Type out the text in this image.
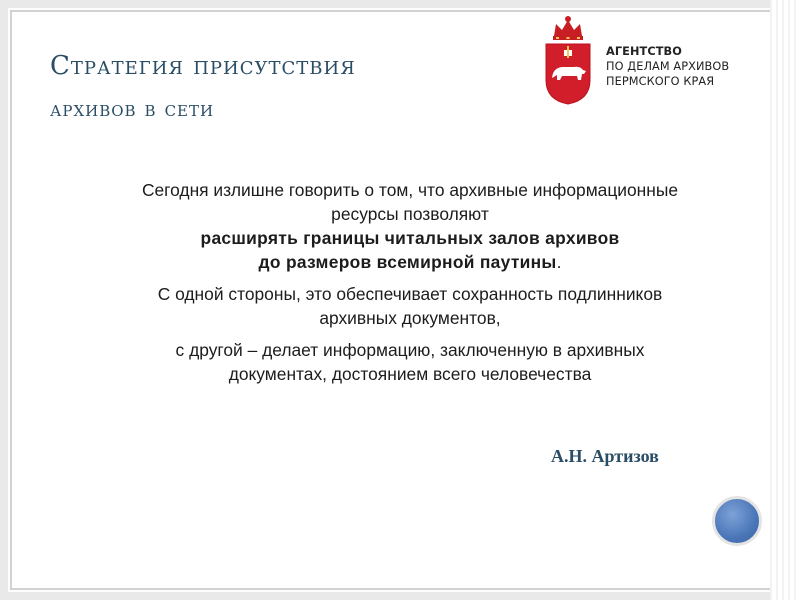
Стратегия присутствия
архивов в сети
АГЕНТСТВО
ПО ДЕЛАМ АРХИВОВ
ПЕРМСКОГО КРАЯ

Сегодня излишне говорить о том, что архивные информационные

ресурсы позволяют

расширять границы читальных залов архивов

до размеров всемирной паутины.

С одной стороны, это обеспечивает сохранность подлинников

архивных документов,

с другой – делает информацию, заключенную в архивных

документах, достоянием всего человечества

А.Н. Артизов
